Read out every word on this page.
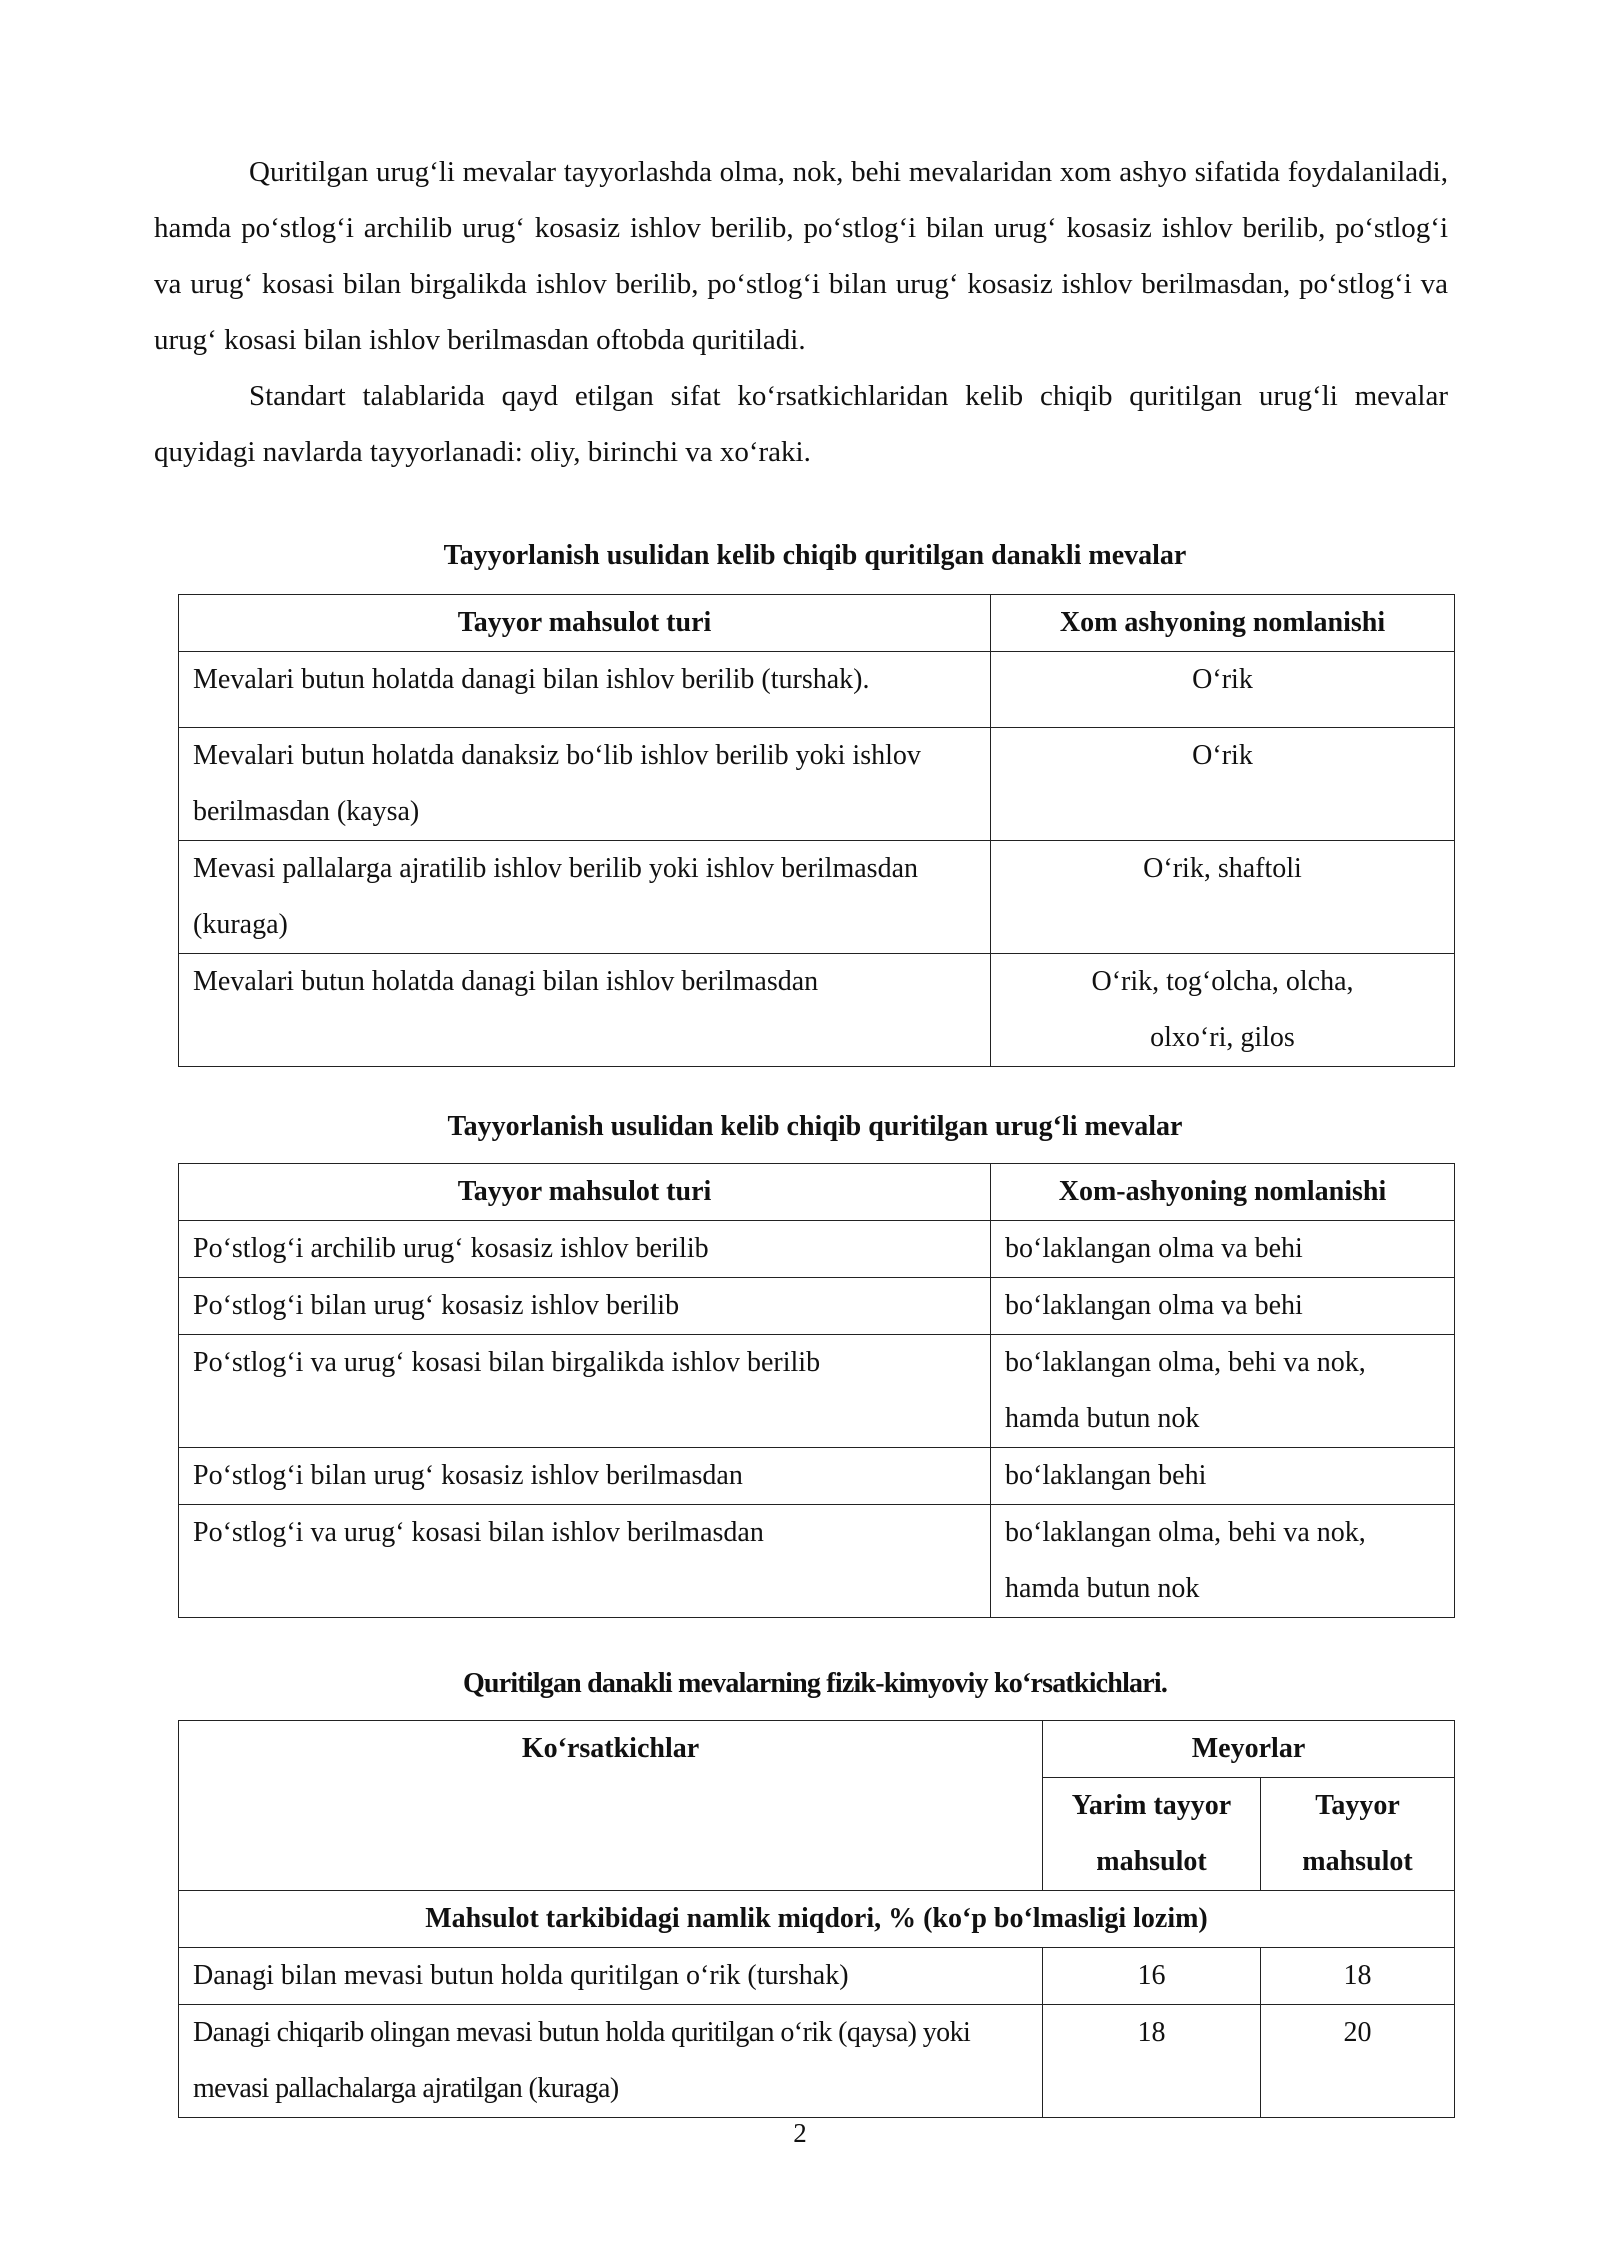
Quritilgan urug‘li mevalar tayyorlashda olma, nok, behi mevalaridan xom ashyo sifatida foydalaniladi, hamda po‘stlog‘i archilib urug‘ kosasiz ishlov berilib, po‘stlog‘i bilan urug‘ kosasiz ishlov berilib, po‘stlog‘i va urug‘ kosasi bilan birgalikda ishlov berilib, po‘stlog‘i bilan urug‘ kosasiz ishlov berilmasdan, po‘stlog‘i va urug‘ kosasi bilan ishlov berilmasdan oftobda quritiladi.

Standart talablarida qayd etilgan sifat ko‘rsatkichlaridan kelib chiqib quritilgan urug‘li mevalar quyidagi navlarda tayyorlanadi: oliy, birinchi va xo‘raki.

Tayyorlanish usulidan kelib chiqib quritilgan danakli mevalar
Tayyor mahsulot turi	Xom ashyoning nomlanishi
Mevalari butun holatda danagi bilan ishlov berilib (turshak).	O‘rik
Mevalari butun holatda danaksiz bo‘lib ishlov berilib yoki ishlov berilmasdan (kaysa)	O‘rik
Mevasi pallalarga ajratilib ishlov berilib yoki ishlov berilmasdan (kuraga)	O‘rik, shaftoli
Mevalari butun holatda danagi bilan ishlov berilmasdan	O‘rik, tog‘olcha, olcha, olxo‘ri, gilos
Tayyorlanish usulidan kelib chiqib quritilgan urug‘li mevalar
Tayyor mahsulot turi	Xom-ashyoning nomlanishi
Po‘stlog‘i archilib urug‘ kosasiz ishlov berilib	bo‘laklangan olma va behi
Po‘stlog‘i bilan urug‘ kosasiz ishlov berilib	bo‘laklangan olma va behi
Po‘stlog‘i va urug‘ kosasi bilan birgalikda ishlov berilib	bo‘laklangan olma, behi va nok, hamda butun nok
Po‘stlog‘i bilan urug‘ kosasiz ishlov berilmasdan	bo‘laklangan behi
Po‘stlog‘i va urug‘ kosasi bilan ishlov berilmasdan	bo‘laklangan olma, behi va nok, hamda butun nok
Quritilgan danakli mevalarning fizik-kimyoviy ko‘rsatkichlari.
Ko‘rsatkichlar	Meyorlar	
	Yarim tayyor mahsulot	Tayyor mahsulot
Mahsulot tarkibidagi namlik miqdori, % (ko‘p bo‘lmasligi lozim)		
Danagi bilan mevasi butun holda quritilgan o‘rik (turshak)	16	18
Danagi chiqarib olingan mevasi butun holda quritilgan o‘rik (qaysa) yoki mevasi pallachalarga ajratilgan (kuraga)	18	20
2
